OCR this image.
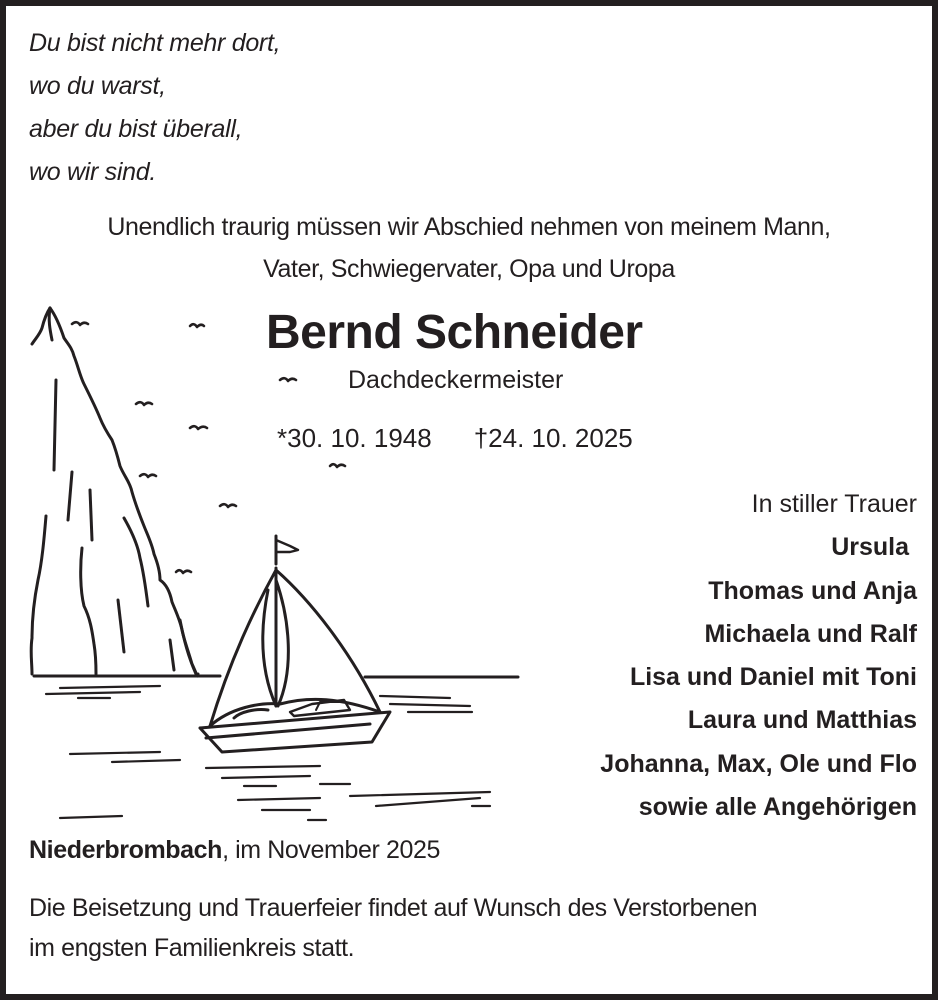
Du bist nicht mehr dort,
wo du warst,
aber du bist überall,
wo wir sind.
Unendlich traurig müssen wir Abschied nehmen von meinem Mann,
Vater, Schwiegervater, Opa und Uropa
Bernd Schneider
Dachdeckermeister
*30. 10. 1948 †24. 10. 2025
In stiller Trauer
Ursula
Thomas und Anja
Michaela und Ralf
Lisa und Daniel mit Toni
Laura und Matthias
Johanna, Max, Ole und Flo
sowie alle Angehörigen
Niederbrombach, im November 2025
Die Beisetzung und Trauerfeier findet auf Wunsch des Verstorbenen
im engsten Familienkreis statt.
